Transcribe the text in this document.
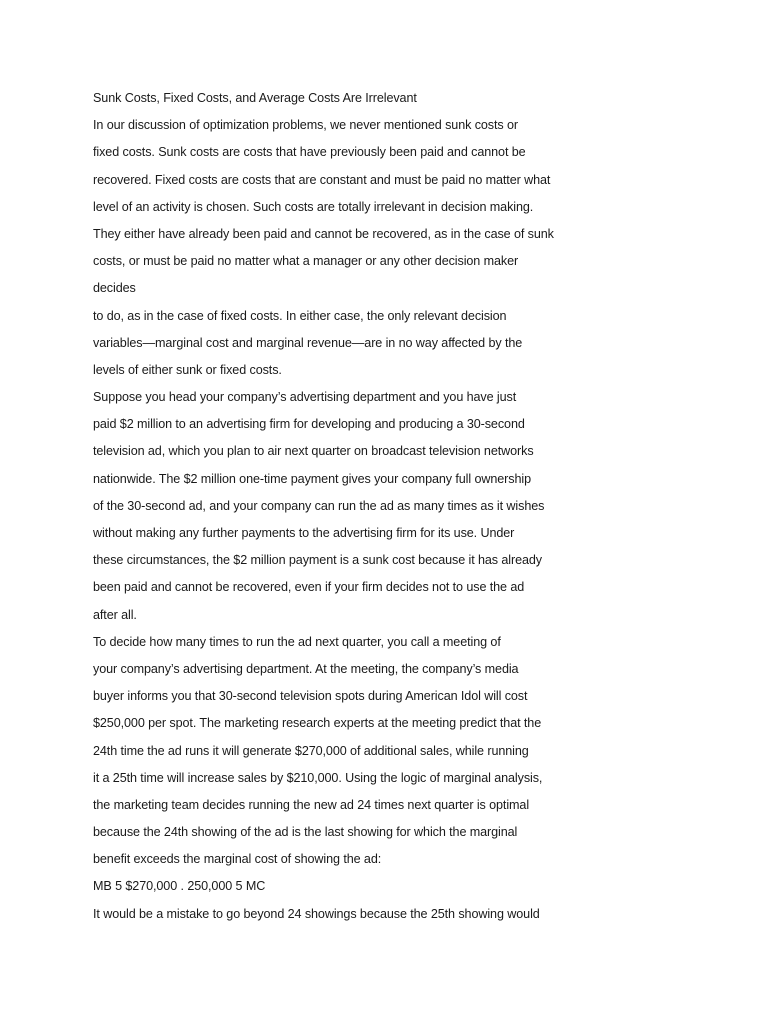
Sunk Costs, Fixed Costs, and Average Costs Are Irrelevant
In our discussion of optimization problems, we never mentioned sunk costs or
fixed costs. Sunk costs are costs that have previously been paid and cannot be
recovered. Fixed costs are costs that are constant and must be paid no matter what
level of an activity is chosen. Such costs are totally irrelevant in decision making.
They either have already been paid and cannot be recovered, as in the case of sunk
costs, or must be paid no matter what a manager or any other decision maker
decides
to do, as in the case of fixed costs. In either case, the only relevant decision
variables—marginal cost and marginal revenue—are in no way affected by the
levels of either sunk or fixed costs.
Suppose you head your company’s advertising department and you have just
paid $2 million to an advertising firm for developing and producing a 30-second
television ad, which you plan to air next quarter on broadcast television networks
nationwide. The $2 million one-time payment gives your company full ownership
of the 30-second ad, and your company can run the ad as many times as it wishes
without making any further payments to the advertising firm for its use. Under
these circumstances, the $2 million payment is a sunk cost because it has already
been paid and cannot be recovered, even if your firm decides not to use the ad
after all.
To decide how many times to run the ad next quarter, you call a meeting of
your company’s advertising department. At the meeting, the company’s media
buyer informs you that 30-second television spots during American Idol will cost
$250,000 per spot. The marketing research experts at the meeting predict that the
24th time the ad runs it will generate $270,000 of additional sales, while running
it a 25th time will increase sales by $210,000. Using the logic of marginal analysis,
the marketing team decides running the new ad 24 times next quarter is optimal
because the 24th showing of the ad is the last showing for which the marginal
benefit exceeds the marginal cost of showing the ad:
MB 5 $270,000 . 250,000 5 MC
It would be a mistake to go beyond 24 showings because the 25th showing would
